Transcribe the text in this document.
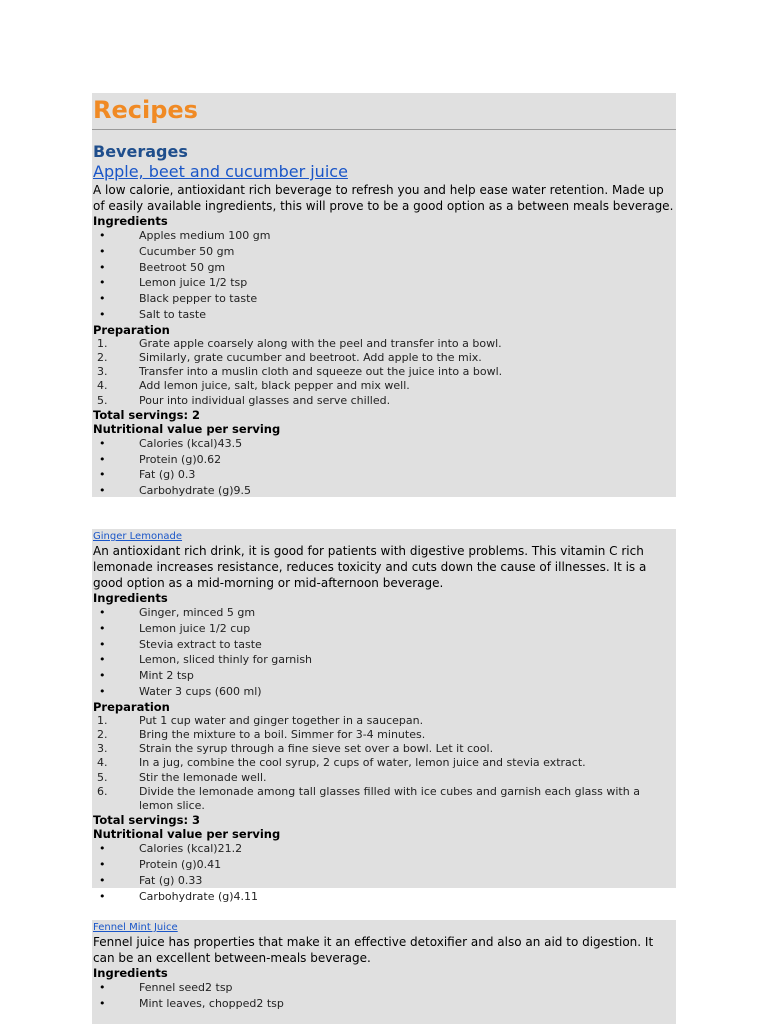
Recipes
Beverages
Apple, beet and cucumber juice

A low calorie, antioxidant rich beverage to refresh you and help ease water retention. Made up of easily available ingredients, this will prove to be a good option as a between meals beverage.

Ingredients
• Apples medium 100 gm
• Cucumber 50 gm
• Beetroot 50 gm
• Lemon juice 1/2 tsp
• Black pepper to taste
• Salt to taste
Preparation
1.	Grate apple coarsely along with the peel and transfer into a bowl.
2.	Similarly, grate cucumber and beetroot. Add apple to the mix.
3.	Transfer into a muslin cloth and squeeze out the juice into a bowl.
4.	Add lemon juice, salt, black pepper and mix well.
5.	Pour into individual glasses and serve chilled.
Total servings: 2
Nutritional value per serving
• Calories (kcal)43.5
• Protein (g)0.62
• Fat (g) 0.3
• Carbohydrate (g)9.5
Ginger Lemonade

An antioxidant rich drink, it is good for patients with digestive problems. This vitamin C rich lemonade increases resistance, reduces toxicity and cuts down the cause of illnesses. It is a good option as a mid-morning or mid-afternoon beverage.

Ingredients
• Ginger, minced 5 gm
• Lemon juice 1/2 cup
• Stevia extract to taste
• Lemon, sliced thinly for garnish
• Mint 2 tsp
• Water 3 cups (600 ml)
Preparation
1.	Put 1 cup water and ginger together in a saucepan.
2.	Bring the mixture to a boil. Simmer for 3-4 minutes.
3.	Strain the syrup through a fine sieve set over a bowl. Let it cool.
4.	In a jug, combine the cool syrup, 2 cups of water, lemon juice and stevia extract.
5.	Stir the lemonade well.
6.	Divide the lemonade among tall glasses filled with ice cubes and garnish each glass with a lemon slice.
Total servings: 3
Nutritional value per serving
• Calories (kcal)21.2
• Protein (g)0.41
• Fat (g) 0.33
• Carbohydrate (g)4.11
Fennel Mint Juice

Fennel juice has properties that make it an effective detoxifier and also an aid to digestion. It can be an excellent between-meals beverage.

Ingredients
• Fennel seed2 tsp
• Mint leaves, chopped2 tsp
